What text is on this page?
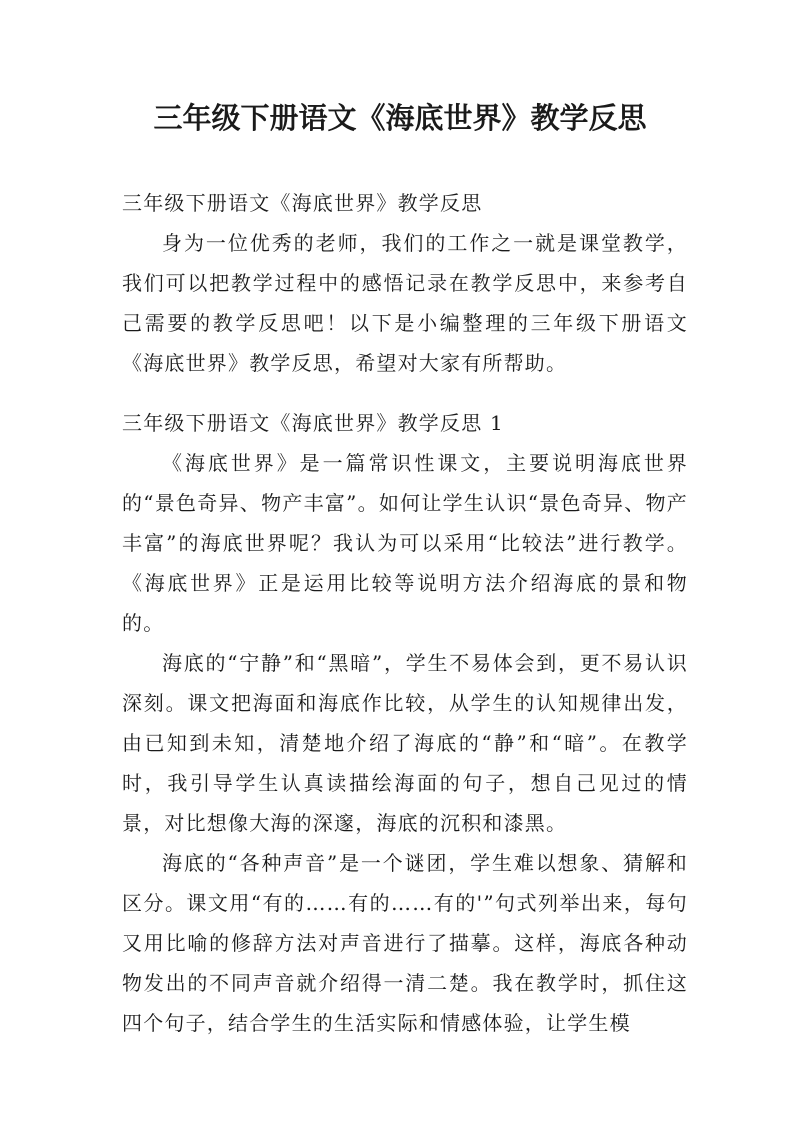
三年级下册语文《海底世界》教学反思

三年级下册语文《海底世界》教学反思

身为一位优秀的老师，我们的工作之一就是课堂教学，我们可以把教学过程中的感悟记录在教学反思中，来参考自己需要的教学反思吧！以下是小编整理的三年级下册语文《海底世界》教学反思，希望对大家有所帮助。

三年级下册语文《海底世界》教学反思 1

《海底世界》是一篇常识性课文，主要说明海底世界的“景色奇异、物产丰富”。如何让学生认识“景色奇异、物产丰富”的海底世界呢？我认为可以采用“比较法”进行教学。《海底世界》正是运用比较等说明方法介绍海底的景和物的。

海底的“宁静”和“黑暗”，学生不易体会到，更不易认识深刻。课文把海面和海底作比较，从学生的认知规律出发，由已知到未知，清楚地介绍了海底的“静”和“暗”。在教学时，我引导学生认真读描绘海面的句子，想自己见过的情景，对比想像大海的深邃，海底的沉积和漆黑。

海底的“各种声音”是一个谜团，学生难以想象、猜解和区分。课文用“有的……有的……有的'”句式列举出来，每句又用比喻的修辞方法对声音进行了描摹。这样，海底各种动物发出的不同声音就介绍得一清二楚。我在教学时，抓住这四个句子，结合学生的生活实际和情感体验，让学生模
